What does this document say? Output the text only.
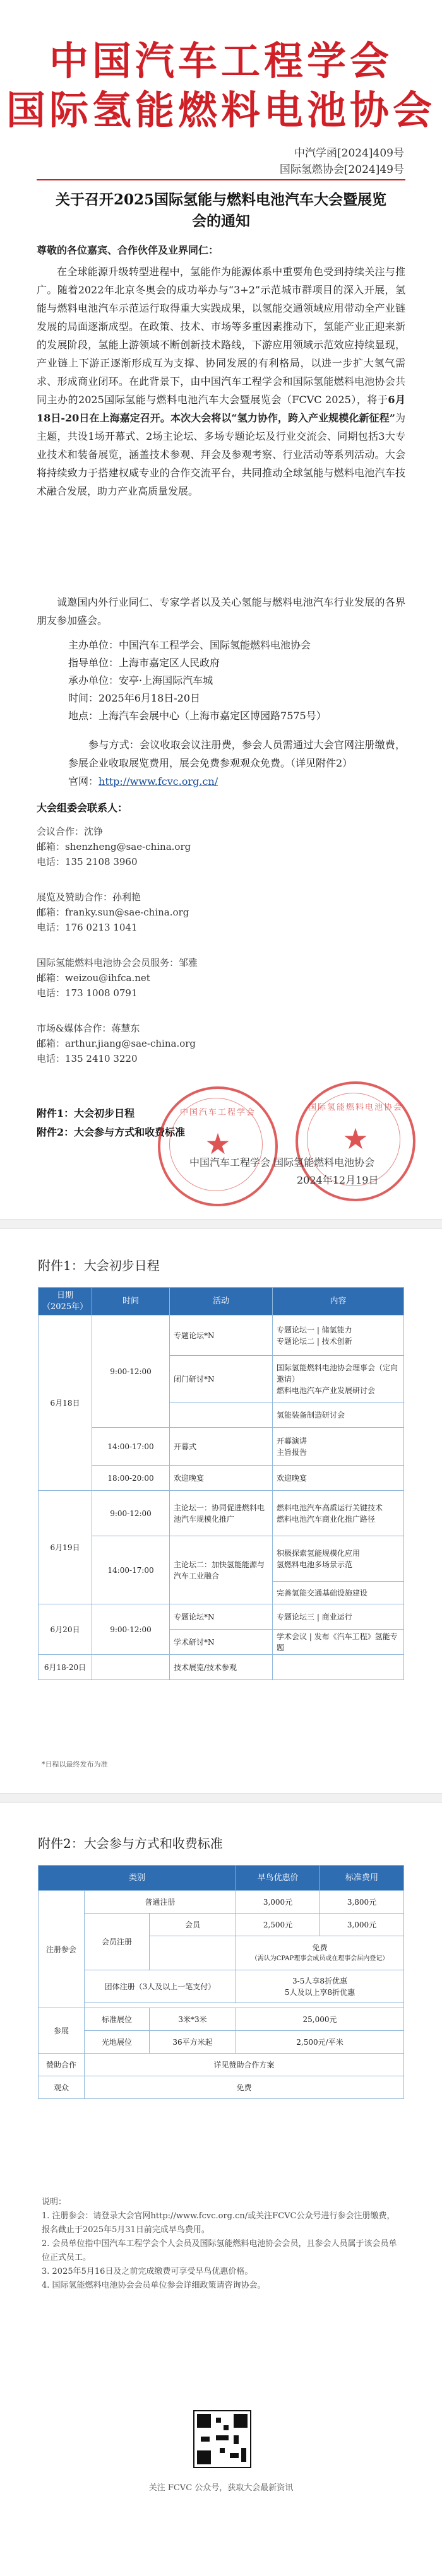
中国汽车工程学会
国际氢能燃料电池协会
中汽学函[2024]409号
国际氢燃协会[2024]49号
关于召开2025国际氢能与燃料电池汽车大会暨展览
会的通知
尊敬的各位嘉宾、合作伙伴及业界同仁：
在全球能源升级转型进程中，氢能作为能源体系中重要角色受到持续关注与推广。随着2022年北京冬奥会的成功举办与“3+2”示范城市群项目的深入开展，氢能与燃料电池汽车示范运行取得重大实践成果，以氢能交通领域应用带动全产业链发展的局面逐渐成型。在政策、技术、市场等多重因素推动下，氢能产业正迎来新的发展阶段，氢能上游领域不断创新技术路线，下游应用领域示范效应持续显现，产业链上下游正逐渐形成互为支撑、协同发展的有利格局，以进一步扩大氢气需求、形成商业闭环。在此背景下，由中国汽车工程学会和国际氢能燃料电池协会共同主办的2025国际氢能与燃料电池汽车大会暨展览会（FCVC 2025），将于6月18日-20日在上海嘉定召开。本次大会将以“氢力协作，跨入产业规模化新征程”为主题，共设1场开幕式、2场主论坛、多场专题论坛及行业交流会、同期包括3大专业技术和装备展览，涵盖技术参观、拜会及参观考察、行业活动等系列活动。大会将持续致力于搭建权威专业的合作交流平台，共同推动全球氢能与燃料电池汽车技术融合发展，助力产业高质量发展。
诚邀国内外行业同仁、专家学者以及关心氢能与燃料电池汽车行业发展的各界朋友参加盛会。
主办单位：中国汽车工程学会、国际氢能燃料电池协会
指导单位：上海市嘉定区人民政府
承办单位：安亭·上海国际汽车城
时间：2025年6月18日-20日
地点：上海汽车会展中心（上海市嘉定区博园路7575号）
参与方式：会议收取会议注册费，参会人员需通过大会官网注册缴费，参展企业收取展览费用，展会免费参观观众免费。（详见附件2）
官网：http://www.fcvc.org.cn/
大会组委会联系人：
会议合作：沈铮
邮箱：shenzheng@sae-china.org
电话：135 2108 3960
展览及赞助合作：孙利艳
邮箱：franky.sun@sae-china.org
电话：176 0213 1041
国际氢能燃料电池协会会员服务：邹雅
邮箱：weizou@ihfca.net
电话：173 1008 0791
市场&媒体合作：蒋慧东
邮箱：arthur.jiang@sae-china.org
电话：135 2410 3220
附件1：大会初步日程
附件2：大会参与方式和收费标准
中国汽车工程学会
★
国际氢能燃料电池协会
★
中国汽车工程学会 国际氢能燃料电池协会
2024年12月19日
附件1：大会初步日程
日期（2025年）	时间	活动	内容
6月18日	9:00-12:00	专题论坛*N	专题论坛一 | 储氢能力
专题论坛二 | 技术创新

		闭门研讨*N	国际氢能燃料电池协会理事会（定向邀请）
燃料电池汽车产业发展研讨会

			氢能装备制造研讨会
	14:00-17:00	开幕式	开幕演讲
主旨报告

	18:00-20:00	欢迎晚宴	欢迎晚宴
6月19日	9:00-12:00	主论坛一：协同促进燃料电池汽车规模化推广	燃料电池汽车高质运行关键技术
燃料电池汽车商业化推广路径

	14:00-17:00	主论坛二：加快氢能能源与汽车工业融合	积极探索氢能规模化应用
氢燃料电池多场景示范

			完善氢能交通基础设施建设
6月20日	9:00-12:00	专题论坛*N	专题论坛三 | 商业运行
		学术研讨*N	学术会议 | 发布《汽车工程》氢能专题
6月18-20日		技术展览/技术参观	
*日程以最终发布为准
附件2：大会参与方式和收费标准
类别			早鸟优惠价	标准费用
注册参会	普通注册		3,000元	3,800元
	会员注册	会员	2,500元	3,000元

			免费
（需认为CPAP理事会成员或在理事会届内登记）	

	团体注册（3人及以上一笔支付）		3-5人享8折优惠
5人及以上享8折优惠	

参展	标准展位	3米*3米	25,000元	
	光地展位	36平方米起	2,500元/平米	
赞助合作	详见赞助合作方案			
观众	免费			
说明：
1. 注册参会：请登录大会官网http://www.fcvc.org.cn/或关注FCVC公众号进行参会注册缴费，报名截止于2025年5月31日前完成早鸟费用。
2. 会员单位指中国汽车工程学会个人会员及国际氢能燃料电池协会会员，且参会人员属于该会员单位正式员工。
3. 2025年5月16日及之前完成缴费可享受早鸟优惠价格。
4. 国际氢能燃料电池协会会员单位参会详细政策请咨询协会。
关注 FCVC 公众号，获取大会最新资讯
